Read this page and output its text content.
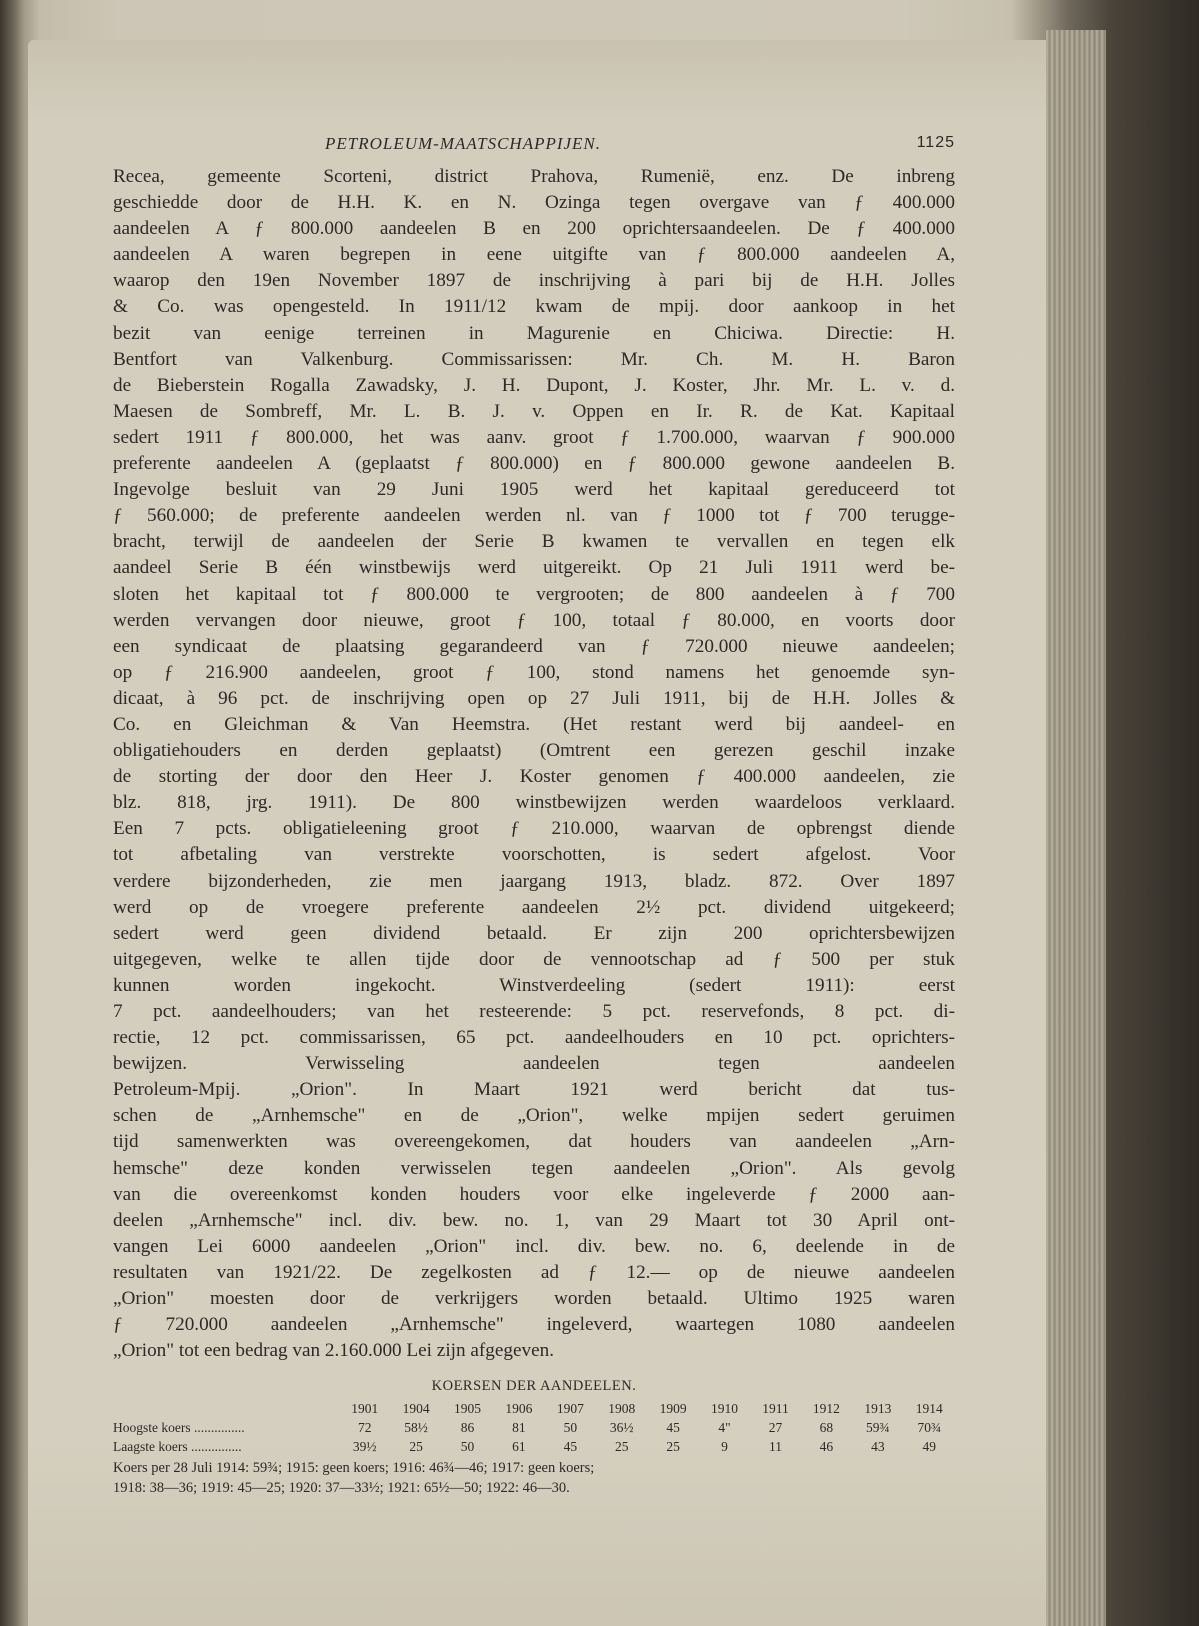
PETROLEUM-MAATSCHAPPIJEN.	1125
Recea, gemeente Scorteni, district Prahova, Rumenië, enz. De inbreng
geschiedde door de H.H. K. en N. Ozinga tegen overgave van ƒ 400.000
aandeelen A ƒ 800.000 aandeelen B en 200 oprichtersaandeelen. De ƒ 400.000
aandeelen A waren begrepen in eene uitgifte van ƒ 800.000 aandeelen A,
waarop den 19en November 1897 de inschrijving à pari bij de H.H. Jolles
& Co. was opengesteld. In 1911/12 kwam de mpij. door aankoop in het
bezit van eenige terreinen in Magurenie en Chiciwa. Directie: H.
Bentfort van Valkenburg. Commissarissen: Mr. Ch. M. H. Baron
de Bieberstein Rogalla Zawadsky, J. H. Dupont, J. Koster, Jhr. Mr. L. v. d.
Maesen de Sombreff, Mr. L. B. J. v. Oppen en Ir. R. de Kat. Kapitaal
sedert 1911 ƒ 800.000, het was aanv. groot ƒ 1.700.000, waarvan ƒ 900.000
preferente aandeelen A (geplaatst ƒ 800.000) en ƒ 800.000 gewone aandeelen B.
Ingevolge besluit van 29 Juni 1905 werd het kapitaal gereduceerd tot
ƒ 560.000; de preferente aandeelen werden nl. van ƒ 1000 tot ƒ 700 terugge-
bracht, terwijl de aandeelen der Serie B kwamen te vervallen en tegen elk
aandeel Serie B één winstbewijs werd uitgereikt. Op 21 Juli 1911 werd be-
sloten het kapitaal tot ƒ 800.000 te vergrooten; de 800 aandeelen à ƒ 700
werden vervangen door nieuwe, groot ƒ 100, totaal ƒ 80.000, en voorts door
een syndicaat de plaatsing gegarandeerd van ƒ 720.000 nieuwe aandeelen;
op ƒ 216.900 aandeelen, groot ƒ 100, stond namens het genoemde syn-
dicaat, à 96 pct. de inschrijving open op 27 Juli 1911, bij de H.H. Jolles &
Co. en Gleichman & Van Heemstra. (Het restant werd bij aandeel- en
obligatiehouders en derden geplaatst) (Omtrent een gerezen geschil inzake
de storting der door den Heer J. Koster genomen ƒ 400.000 aandeelen, zie
blz. 818, jrg. 1911). De 800 winstbewijzen werden waardeloos verklaard.
Een 7 pcts. obligatieleening groot ƒ 210.000, waarvan de opbrengst diende
tot afbetaling van verstrekte voorschotten, is sedert afgelost. Voor
verdere bijzonderheden, zie men jaargang 1913, bladz. 872. Over 1897
werd op de vroegere preferente aandeelen 2½ pct. dividend uitgekeerd;
sedert werd geen dividend betaald. Er zijn 200 oprichtersbewijzen
uitgegeven, welke te allen tijde door de vennootschap ad ƒ 500 per stuk
kunnen worden ingekocht. Winstverdeeling (sedert 1911): eerst
7 pct. aandeelhouders; van het resteerende: 5 pct. reservefonds, 8 pct. di-
rectie, 12 pct. commissarissen, 65 pct. aandeelhouders en 10 pct. oprichters-
bewijzen. Verwisseling aandeelen tegen aandeelen
Petroleum-Mpij. „Orion". In Maart 1921 werd bericht dat tus-
schen de „Arnhemsche" en de „Orion", welke mpijen sedert geruimen
tijd samenwerkten was overeengekomen, dat houders van aandeelen „Arn-
hemsche" deze konden verwisselen tegen aandeelen „Orion". Als gevolg
van die overeenkomst konden houders voor elke ingeleverde ƒ 2000 aan-
deelen „Arnhemsche" incl. div. bew. no. 1, van 29 Maart tot 30 April ont-
vangen Lei 6000 aandeelen „Orion" incl. div. bew. no. 6, deelende in de
resultaten van 1921/22. De zegelkosten ad ƒ 12.— op de nieuwe aandeelen
„Orion" moesten door de verkrijgers worden betaald. Ultimo 1925 waren
ƒ 720.000 aandeelen „Arnhemsche" ingeleverd, waartegen 1080 aandeelen
„Orion" tot een bedrag van 2.160.000 Lei zijn afgegeven.
KOERSEN DER AANDEELEN.
	1901	1904	1905	1906	1907	1908	1909	1910	1911	1912	1913	1914
Hoogste koers ...............	72	58½	86	81	50	36½	45	4"	27	68	59¾	70¾
Laagste koers ...............	39½	25	50	61	45	25	25	9	11	46	43	49
Koers per 28 Juli 1914: 59¾; 1915: geen koers; 1916: 46¾—46; 1917: geen koers;
1918: 38—36; 1919: 45—25; 1920: 37—33½; 1921: 65½—50; 1922: 46—30.
